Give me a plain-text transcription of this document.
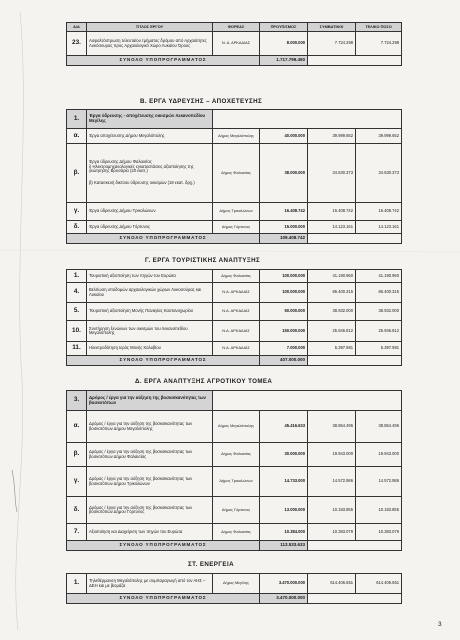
Α/Α	ΤΙΤΛΟΣ ΕΡΓΟΥ	ΦΟΡΕΑΣ	ΠΡΟΥΠ/ΣΜΟΣ	ΣΥΜΒΑΤΙΚΟΙ	ΤΕΛΙΚΟ ΠΟΣΟ
23.	Ασφαλτόστρωση τελευταίου τμήματος δρόμου από Αρχαιότητες Λυκόσουρας προς Αρχαιολογικό Χώρο Λυκαίου Όρους	Ν. Α. ΑΡΚΑΔΙΑΣ	8.000.000	7.724.298	7.724.298
ΣΥΝΟΛΟ ΥΠΟΠΡΟΓΡΑΜΜΑΤΟΣ			1.717.799.450		

Β. ΕΡΓΑ ΥΔΡΕΥΣΗΣ – ΑΠΟΧΕΤΕΥΣΗΣ

1.	Έργα ύδρευσης - αποχέτευσης οικισμών Λεκανοπεδίου Μεγ/λης				
α.	Έργα αποχέτευσης Δήμου Μεγαλόπολης	Δήμος Μεγαλόπολης	40.000.000	39.999.652	39.999.652
β.	Έργα ύδρευσης Δήμου Φαλαισίας
i) Ηλεκτρομηχανολογικές εγκαταστάσεις αξιοποίησης της γεώτρησης Βρυσάρια (20 εκατ.)
β) Κατασκευή δικτύου ύδρευσης οικισμών (18 εκατ. δρχ.)	Δήμος Φαλαισίας	38.000.000	34.630.373	34.630.373
γ.	Έργα ύδρευσης Δήμου Τρικολώνων	Δήμος Τρικολώνων	16.408.742	16.408.742	16.408.742
δ.	Έργα ύδρευσης Δήμου Γόρτυνος	Δήμος Γόρτυνος	15.000.000	14.123.161	14.123.161
ΣΥΝΟΛΟ ΥΠΟΠΡΟΓΡΑΜΜΑΤΟΣ			109.408.742		

Γ. ΕΡΓΑ ΤΟΥΡΙΣΤΙΚΗΣ ΑΝΑΠΤΥΞΗΣ

1.	Τουριστική αξιοποίηση των πηγών του Ευρώτα	Δήμος Φαλαισίας	100.000.000	41.190.960	41.190.960
4.	Βελτίωση υποδομών αρχαιολογικών χώρων Λυκοσούρας και Λυκαίου	Ν.Α. ΑΡΚΑΔΙΑΣ	100.000.000	86.400.315	86.400.315
5.	Τουριστική αξιοποίηση Μονής Παναγίας Καστανοχωρίου	Ν.Α. ΑΡΚΑΔΙΑΣ	50.000.000	38.932.000	38.932.000
10.	Συντήρηση ξενώνων των οικισμών του Λεκανοπεδίου Μεγαλόπολης	Ν.Α. ΑΡΚΑΔΙΑΣ	150.000.000	25.946.812	25.946.812
11.	Ηλεκτροδότηση Ιεράς Μονής Καλυβίου	Ν.Α. ΑΡΚΑΔΙΑΣ	7.000.000	5.397.981	5.397.981
ΣΥΝΟΛΟ ΥΠΟΠΡΟΓΡΑΜΜΑΤΟΣ			407.000.000		

Δ. ΕΡΓΑ ΑΝΑΠΤΥΞΗΣ ΑΓΡΟΤΙΚΟΥ ΤΟΜΕΑ

3.	Δρόμος / έργα για την αύξηση της βοσκοϊκανότητας των βοσκοτόπων				
α.	Δρόμος / έργα για την αύξηση της βοσκοϊκανότητας των βοσκοτόπων Δήμου Μεγαλόπολης	Δήμος Μεγαλόπολης	45.416.633	38.854.496	38.854.496
β.	Δρόμος / έργα για την αύξηση της βοσκοϊκανότητας των βοσκοτόπων Δήμου Φαλαισίας	Δήμος Φαλαισίας	30.000.000	19.943.000	19.943.000
γ.	Δρόμος / έργα για την αύξηση της βοσκοϊκανότητας των βοσκοτόπων Δήμου Τρικολώνων	Δήμος Τρικολώνων	14.733.000	14.572.986	14.572.986
δ.	Δρόμος / έργα για την αύξηση της βοσκοϊκανότητας των βοσκοτόπων Δήμου Γόρτυνος	Δήμος Γόρτυνος	13.000.000	10.183.855	10.183.855
7.	Αξιοποίηση και Διαχείριση των πηγών του Ευρώτα	Δήμος Φαλαισίας	10.384.000	10.383.079	10.383.079
ΣΥΝΟΛΟ ΥΠΟΠΡΟΓΡΑΜΜΑΤΟΣ			113.533.633		

ΣΤ. ΕΝΕΡΓΕΙΑ

1.	Τηλεθέρμανση Μεγαλόπολης με συμπαραγωγή από τον ΑΗΣ – ΔΕΗ και με βιομάζα	Δήμος Μεγ/λης	3.470.000.000	614.406.651	614.406.651
ΣΥΝΟΛΟ ΥΠΟΠΡΟΓΡΑΜΜΑΤΟΣ			3.470.000.000		
3
